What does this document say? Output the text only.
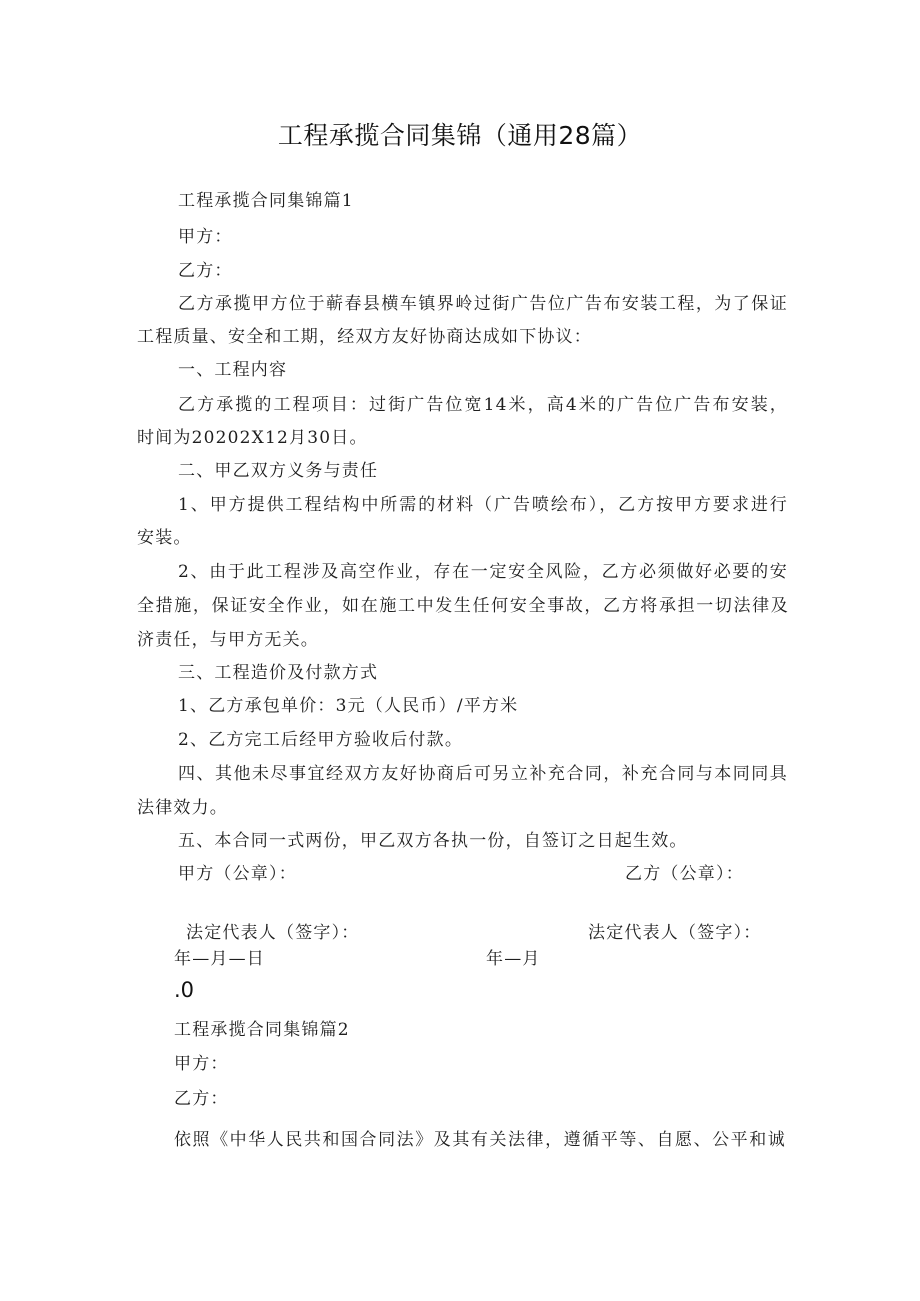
工程承揽合同集锦（通用28篇）
工程承揽合同集锦篇1
甲方：
乙方：
乙方承揽甲方位于蕲春县横车镇界岭过街广告位广告布安装工程，为了保证
工程质量、安全和工期，经双方友好协商达成如下协议：
一、工程内容
乙方承揽的工程项目：过街广告位宽14米，高4米的广告位广告布安装，
时间为20202X12月30日。
二、甲乙双方义务与责任
1、甲方提供工程结构中所需的材料（广告喷绘布），乙方按甲方要求进行
安装。
2、由于此工程涉及高空作业，存在一定安全风险，乙方必须做好必要的安
全措施，保证安全作业，如在施工中发生任何安全事故，乙方将承担一切法律及
济责任，与甲方无关。
三、工程造价及付款方式
1、乙方承包单价：3元（人民币）/平方米
2、乙方完工后经甲方验收后付款。
四、其他未尽事宜经双方友好协商后可另立补充合同，补充合同与本同同具
法律效力。
五、本合同一式两份，甲乙双方各执一份，自签订之日起生效。
甲方（公章）：	乙方（公章）：
法定代表人（签字）：	法定代表人（签字）：
年—月—日	年—月
.0
工程承揽合同集锦篇2
甲方：
乙方：
依照《中华人民共和国合同法》及其有关法律，遵循平等、自愿、公平和诚
